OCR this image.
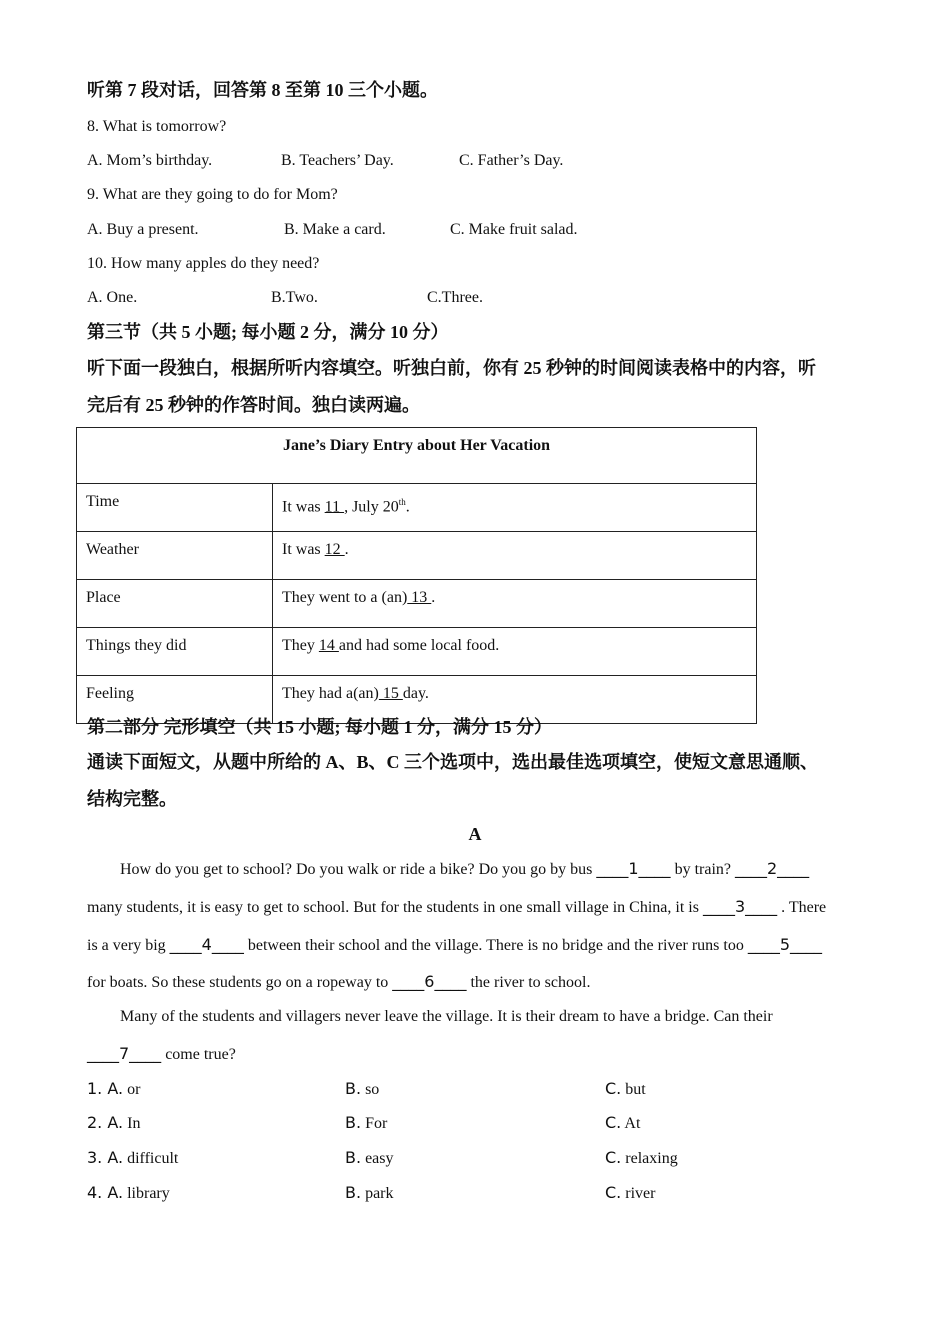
听第 7 段对话，回答第 8 至第 10 三个小题。
8. What is tomorrow?
A. Mom’s birthday.	B. Teachers’ Day.	C. Father’s Day.
9. What are they going to do for Mom?
A. Buy a present.	B. Make a card.	C. Make fruit salad.
10. How many apples do they need?
A. One.	B.Two.	C.Three.
第三节（共 5 小题; 每小题 2 分，满分 10 分）
听下面一段独白，根据所听内容填空。听独白前，你有 25 秒钟的时间阅读表格中的内容，听
完后有 25 秒钟的作答时间。独白读两遍。
Jane’s Diary Entry about Her Vacation	
Time	It was 11 , July 20th.
Weather	It was 12 .
Place	They went to a (an) 13 .
Things they did	They 14 and had some local food.
Feeling	They had a(an) 15 day.
第二部分 完形填空（共 15 小题; 每小题 1 分，满分 15 分）
通读下面短文，从题中所给的 A、B、C 三个选项中，选出最佳选项填空，使短文意思通顺、
结构完整。
A
How do you get to school? Do you walk or ride a bike? Do you go by bus ____1____ by train? ____2____
many students, it is easy to get to school. But for the students in one small village in China, it is ____3____ . There
is a very big ____4____ between their school and the village. There is no bridge and the river runs too ____5____
for boats. So these students go on a ropeway to ____6____ the river to school.
Many of the students and villagers never leave the village. It is their dream to have a bridge. Can their
____7____ come true?
1. A. or	B. so	C. but
2. A. In	B. For	C. At
3. A. difficult	B. easy	C. relaxing
4. A. library	B. park	C. river
